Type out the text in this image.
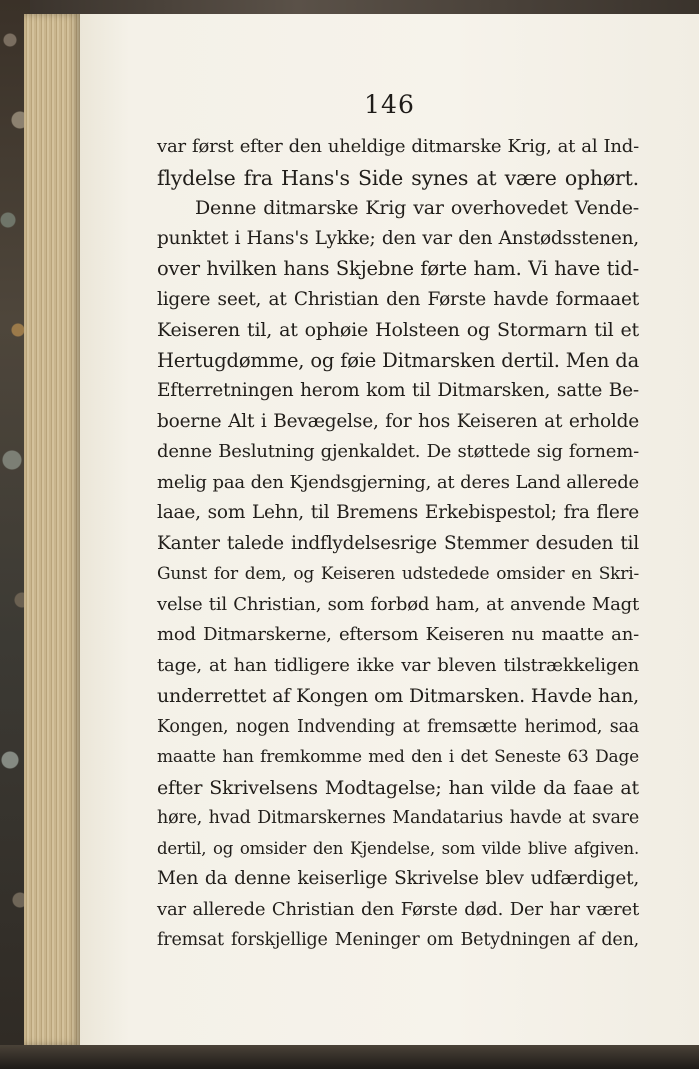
146
var først efter den uheldige ditmarske Krig, at al Ind-
flydelse fra Hans's Side synes at være ophørt.
Denne ditmarske Krig var overhovedet Vende-
punktet i Hans's Lykke; den var den Anstødsstenen,
over hvilken hans Skjebne førte ham. Vi have tid-
ligere seet, at Christian den Første havde formaaet
Keiseren til, at ophøie Holsteen og Stormarn til et
Hertugdømme, og føie Ditmarsken dertil. Men da
Efterretningen herom kom til Ditmarsken, satte Be-
boerne Alt i Bevægelse, for hos Keiseren at erholde
denne Beslutning gjenkaldet. De støttede sig fornem-
melig paa den Kjendsgjerning, at deres Land allerede
laae, som Lehn, til Bremens Erkebispestol; fra flere
Kanter talede indflydelsesrige Stemmer desuden til
Gunst for dem, og Keiseren udstedede omsider en Skri-
velse til Christian, som forbød ham, at anvende Magt
mod Ditmarskerne, eftersom Keiseren nu maatte an-
tage, at han tidligere ikke var bleven tilstrækkeligen
underrettet af Kongen om Ditmarsken. Havde han,
Kongen, nogen Indvending at fremsætte herimod, saa
maatte han fremkomme med den i det Seneste 63 Dage
efter Skrivelsens Modtagelse; han vilde da faae at
høre, hvad Ditmarskernes Mandatarius havde at svare
dertil, og omsider den Kjendelse, som vilde blive afgiven.
Men da denne keiserlige Skrivelse blev udfærdiget,
var allerede Christian den Første død. Der har været
fremsat forskjellige Meninger om Betydningen af den,
